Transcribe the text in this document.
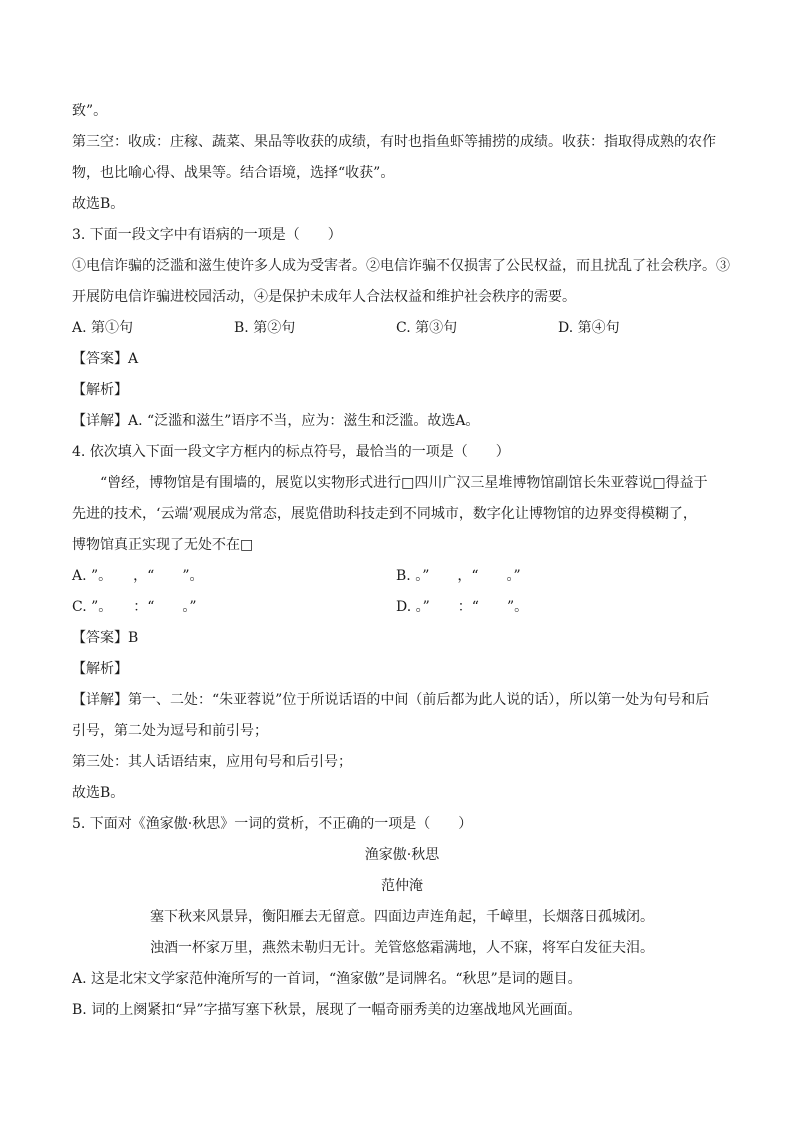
致”。
第三空：收成：庄稼、蔬菜、果品等收获的成绩，有时也指鱼虾等捕捞的成绩。收获：指取得成熟的农作
物，也比喻心得、战果等。结合语境，选择“收获”。
故选B。
3. 下面一段文字中有语病的一项是（　　）
①电信诈骗的泛滥和滋生使许多人成为受害者。②电信诈骗不仅损害了公民权益，而且扰乱了社会秩序。③
开展防电信诈骗进校园活动，④是保护未成年人合法权益和维护社会秩序的需要。
A. 第①句	B. 第②句	C. 第③句	D. 第④句
【答案】A
【解析】
【详解】A. “泛滥和滋生”语序不当，应为：滋生和泛滥。故选A。
4. 依次填入下面一段文字方框内的标点符号，最恰当的一项是（　　）
“曾经，博物馆是有围墙的，展览以实物形式进行□四川广汉三星堆博物馆副馆长朱亚蓉说□得益于
先进的技术，‘云端’观展成为常态，展览借助科技走到不同城市，数字化让博物馆的边界变得模糊了，
博物馆真正实现了无处不在□
A. ”。　　，“　　”。	B. 。”　　，“　　。”
C. ”。　　：“　　。”	D. 。”　　：“　　”。
【答案】B
【解析】
【详解】第一、二处：“朱亚蓉说”位于所说话语的中间（前后都为此人说的话），所以第一处为句号和后
引号，第二处为逗号和前引号；
第三处：其人话语结束，应用句号和后引号；
故选B。
5. 下面对《渔家傲·秋思》一词的赏析，不正确的一项是（　　）
渔家傲·秋思
范仲淹
塞下秋来风景异，衡阳雁去无留意。四面边声连角起，千嶂里，长烟落日孤城闭。
浊酒一杯家万里，燕然未勒归无计。羌管悠悠霜满地，人不寐，将军白发征夫泪。
A. 这是北宋文学家范仲淹所写的一首词，“渔家傲”是词牌名。“秋思”是词的题目。
B. 词的上阕紧扣“异”字描写塞下秋景，展现了一幅奇丽秀美的边塞战地风光画面。
